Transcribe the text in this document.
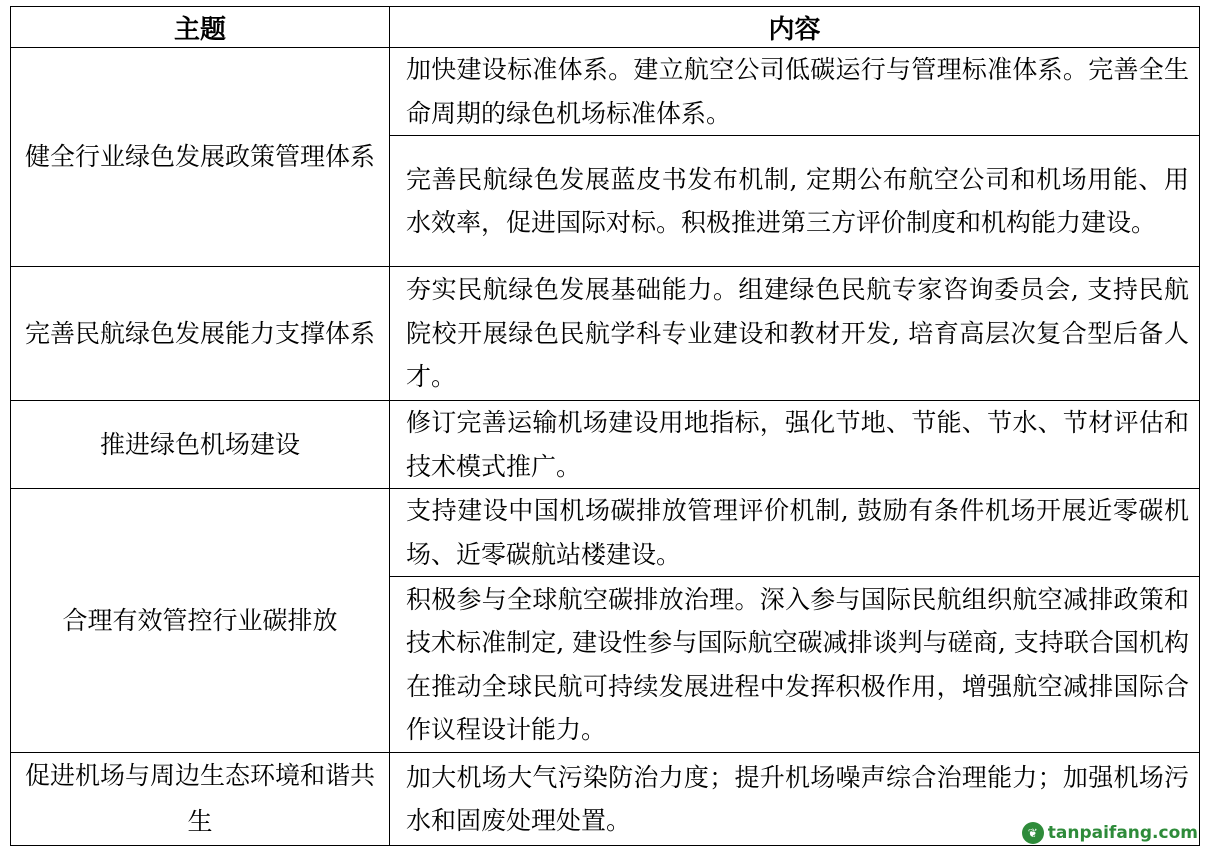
主题	内容
健全行业绿色发展政策管理体系	加快建设标准体系。建立航空公司低碳运行与管理标准体系。完善全生命周期的绿色机场标准体系。
	完善民航绿色发展蓝皮书发布机制, 定期公布航空公司和机场用能、用水效率，促进国际对标。积极推进第三方评价制度和机构能力建设。
完善民航绿色发展能力支撑体系	夯实民航绿色发展基础能力。组建绿色民航专家咨询委员会, 支持民航院校开展绿色民航学科专业建设和教材开发, 培育高层次复合型后备人才。
推进绿色机场建设	修订完善运输机场建设用地指标，强化节地、节能、节水、节材评估和技术模式推广。
合理有效管控行业碳排放	支持建设中国机场碳排放管理评价机制, 鼓励有条件机场开展近零碳机场、近零碳航站楼建设。
	积极参与全球航空碳排放治理。深入参与国际民航组织航空减排政策和技术标准制定, 建设性参与国际航空碳减排谈判与磋商, 支持联合国机构在推动全球民航可持续发展进程中发挥积极作用，增强航空减排国际合作议程设计能力。
促进机场与周边生态环境和谐共生	加大机场大气污染防治力度；提升机场噪声综合治理能力；加强机场污水和固废处理处置。	❦ tanpaifang.com
